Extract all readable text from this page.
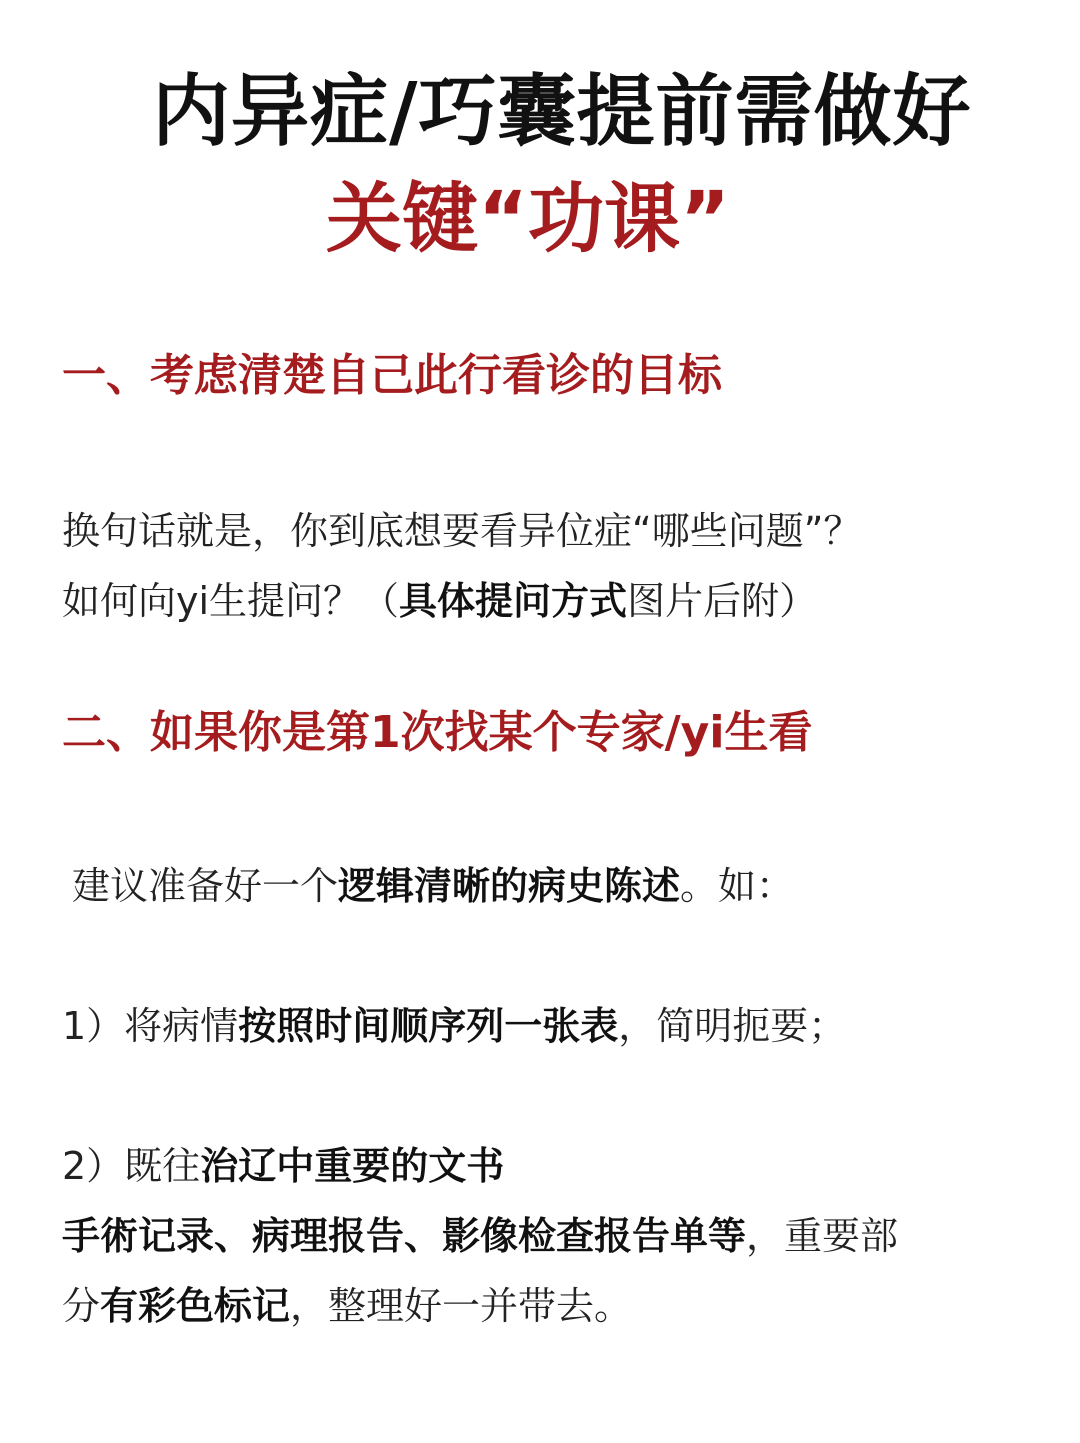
内异症/巧囊提前需做好
关键“功课”
一、考虑清楚自己此行看诊的目标
换句话就是，你到底想要看异位症“哪些问题”？
如何向yi生提问？（具体提问方式图片后附）
二、如果你是第1次找某个专家/yi生看
建议准备好一个逻辑清晰的病史陈述。如：
1）将病情按照时间顺序列一张表，简明扼要；
2）既往治辽中重要的文书
手術记录、病理报告、影像检查报告单等，重要部
分有彩色标记，整理好一并带去。
